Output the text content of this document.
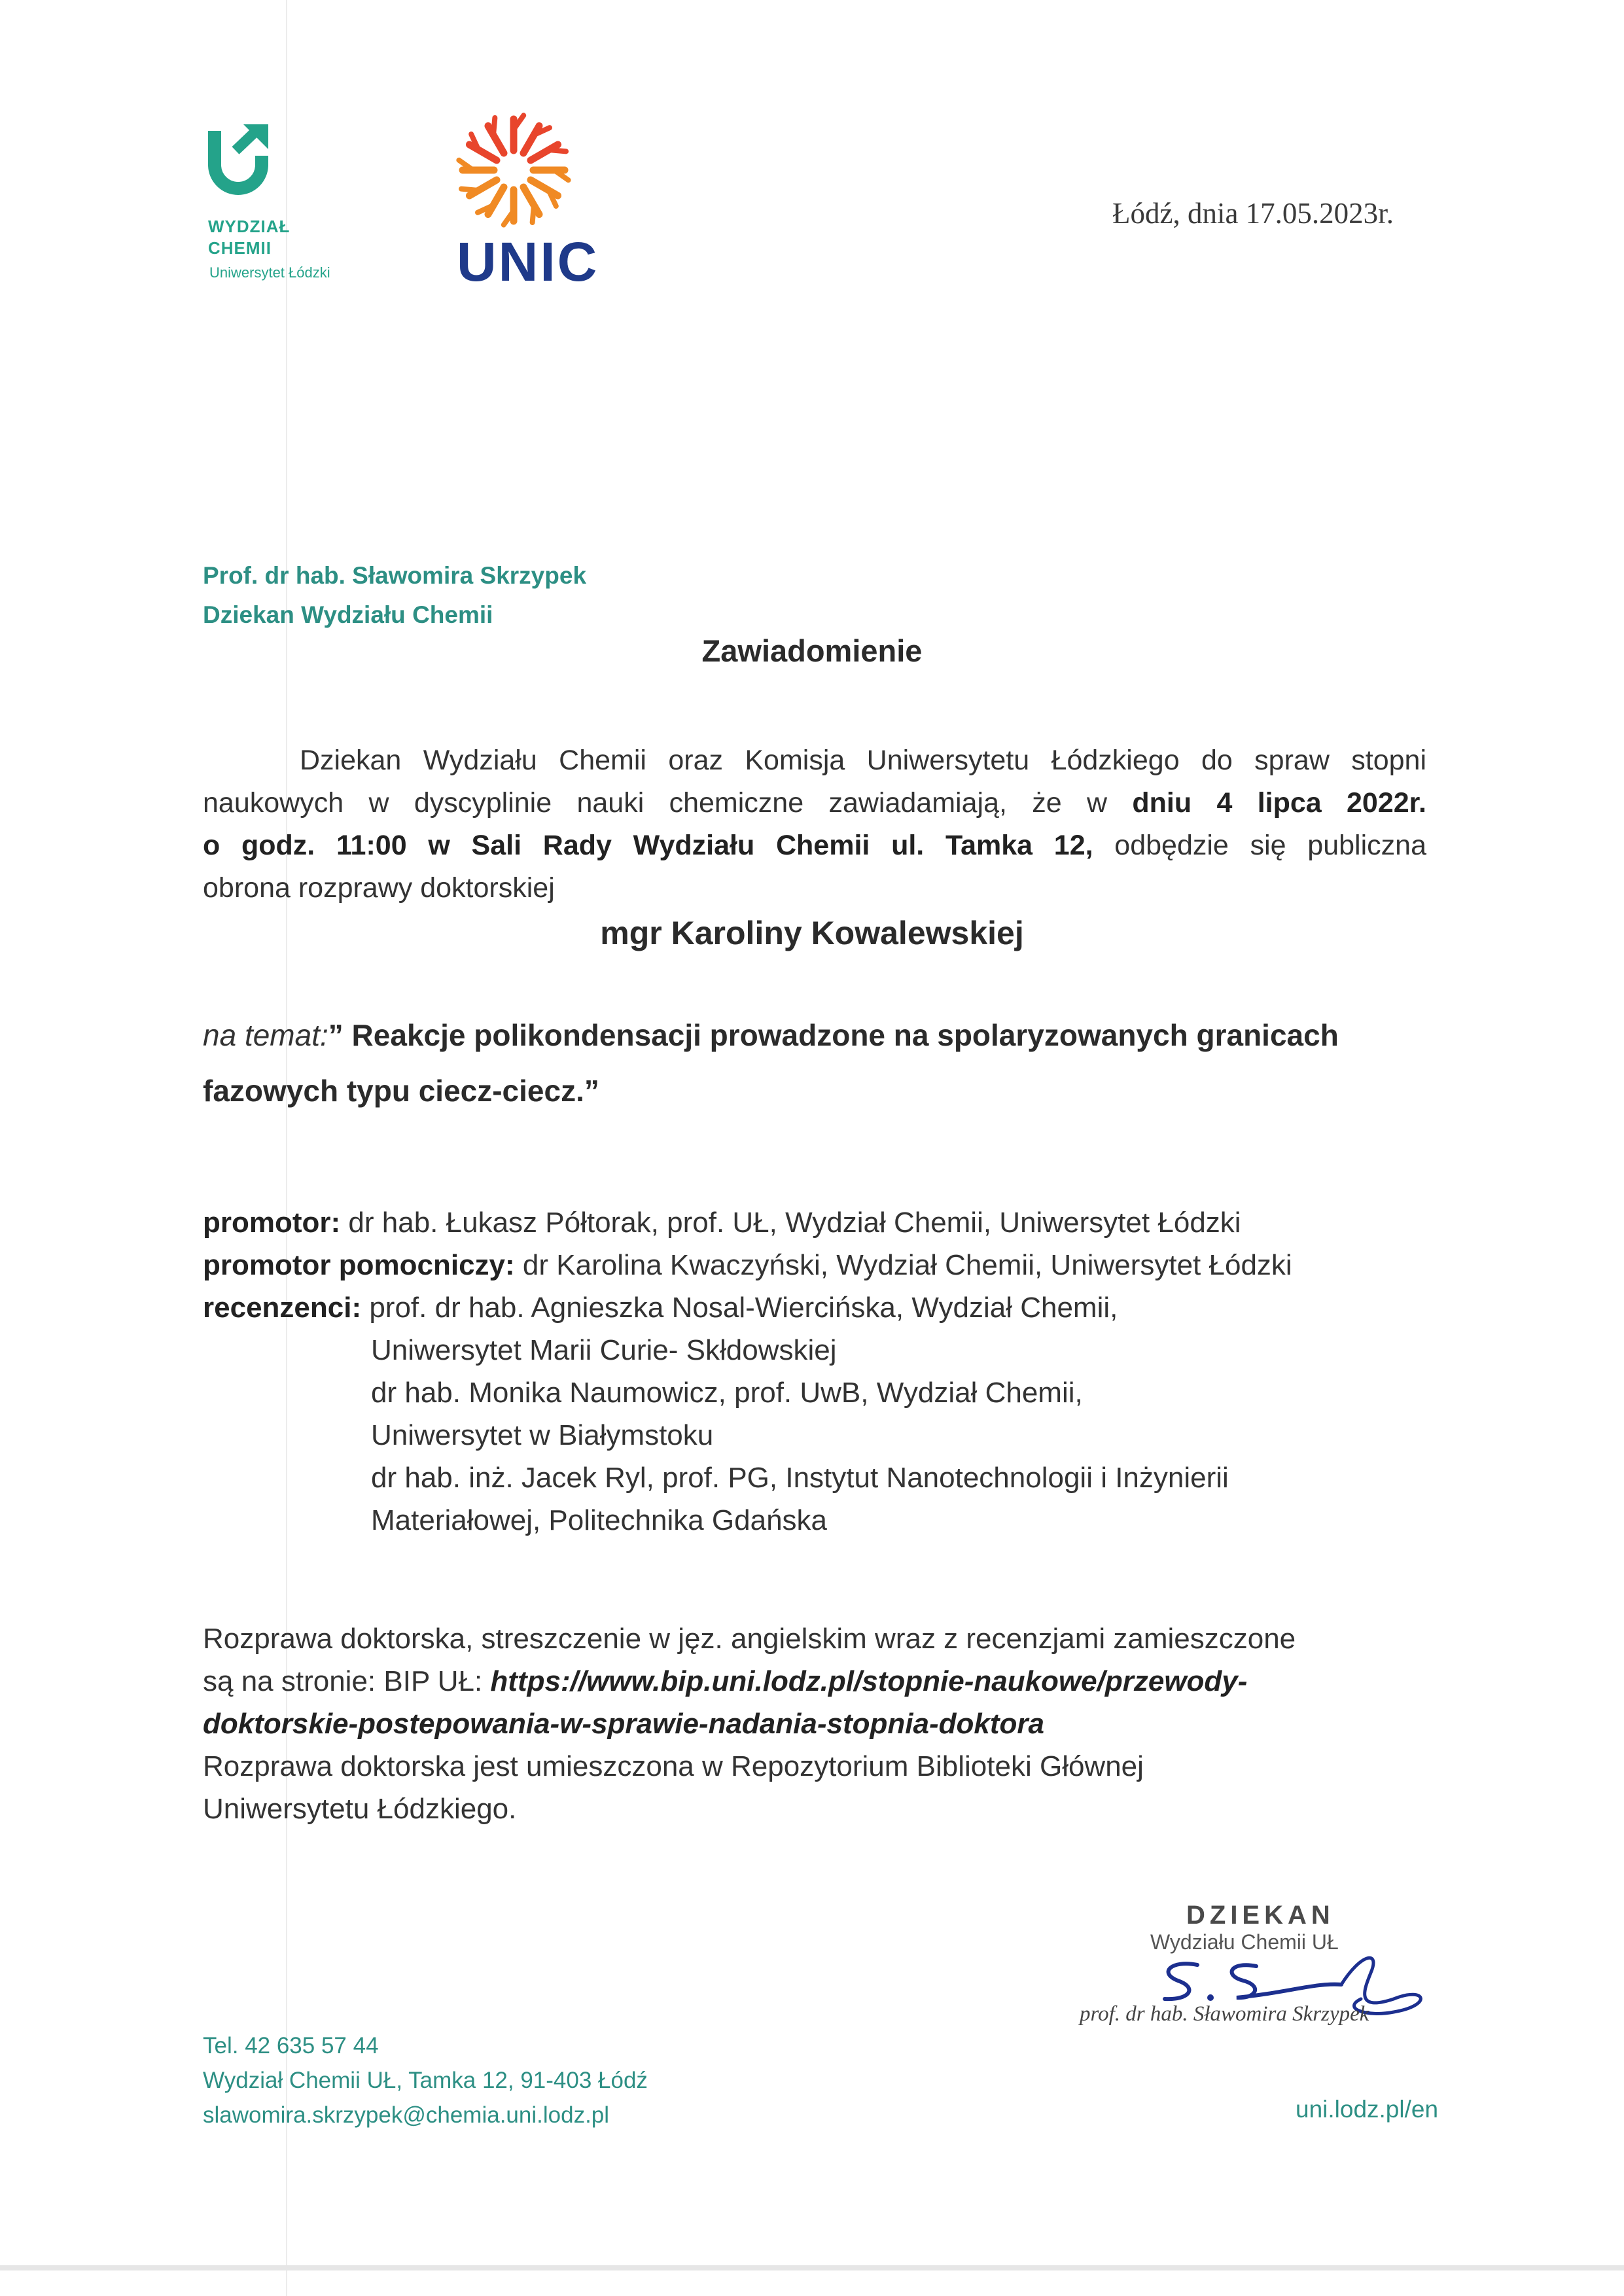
WYDZIAŁ
CHEMII
Uniwersytet Łódzki UNIC
Łódź, dnia 17.05.2023r.
Prof. dr hab. Sławomira Skrzypek
Dziekan Wydziału Chemii
Zawiadomienie
Dziekan Wydziału Chemii oraz Komisja Uniwersytetu Łódzkiego do spraw stopni
naukowych w dyscyplinie nauki chemiczne zawiadamiają, że w dniu 4 lipca 2022r.
o godz. 11:00 w Sali Rady Wydziału Chemii ul. Tamka 12, odbędzie się publiczna
obrona rozprawy doktorskiej
mgr Karoliny Kowalewskiej
na temat:” Reakcje polikondensacji prowadzone na spolaryzowanych granicach
fazowych typu ciecz-ciecz.”
promotor: dr hab. Łukasz Półtorak, prof. UŁ, Wydział Chemii, Uniwersytet Łódzki
promotor pomocniczy: dr Karolina Kwaczyński, Wydział Chemii, Uniwersytet Łódzki
recenzenci: prof. dr hab. Agnieszka Nosal-Wiercińska, Wydział Chemii,
Uniwersytet Marii Curie- Skłdowskiej
dr hab. Monika Naumowicz, prof. UwB, Wydział Chemii,
Uniwersytet w Białymstoku
dr hab. inż. Jacek Ryl, prof. PG, Instytut Nanotechnologii i Inżynierii
Materiałowej, Politechnika Gdańska
Rozprawa doktorska, streszczenie w jęz. angielskim wraz z recenzjami zamieszczone
są na stronie: BIP UŁ: https://www.bip.uni.lodz.pl/stopnie-naukowe/przewody-
doktorskie-postepowania-w-sprawie-nadania-stopnia-doktora
Rozprawa doktorska jest umieszczona w Repozytorium Biblioteki Głównej
Uniwersytetu Łódzkiego.
DZIEKAN
Wydziału Chemii UŁ
prof. dr hab. Sławomira Skrzypek
Tel. 42 635 57 44
Wydział Chemii UŁ, Tamka 12, 91-403 Łódź
slawomira.skrzypek@chemia.uni.lodz.pl	uni.lodz.pl/en
